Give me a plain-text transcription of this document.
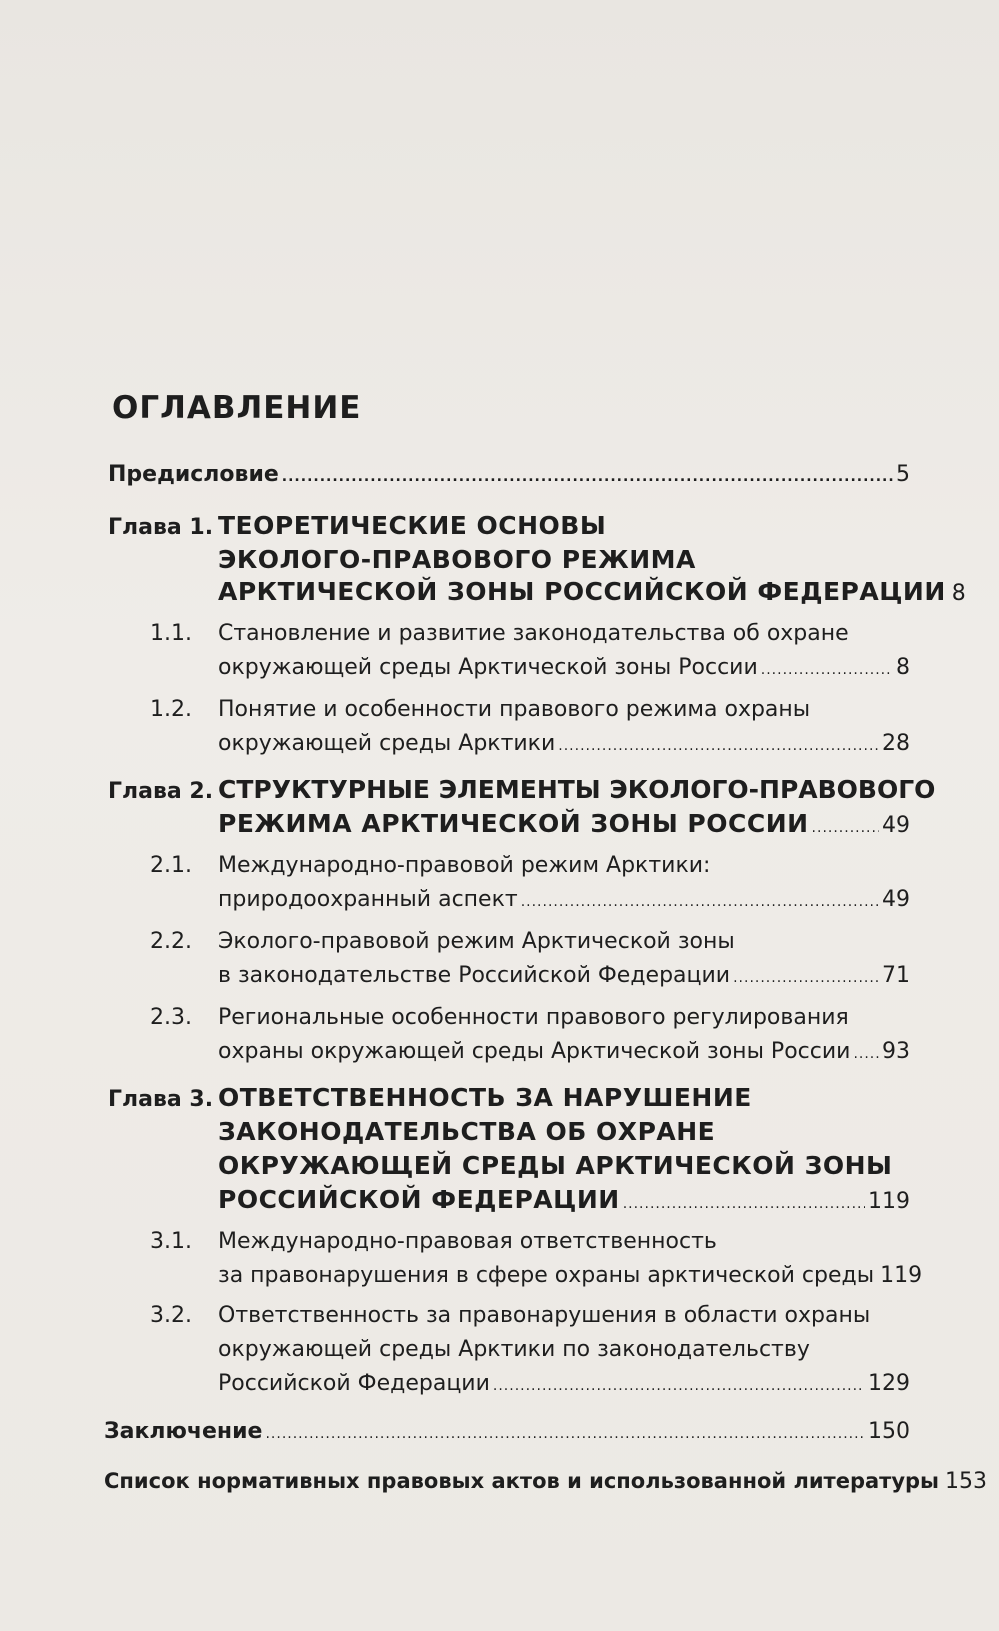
ОГЛАВЛЕНИЕ
Предисловие .....	5
Глава 1. ТЕОРЕТИЧЕСКИЕ ОСНОВЫ
ЭКОЛОГО-ПРАВОВОГО РЕЖИМА
АРКТИЧЕСКОЙ ЗОНЫ РОССИЙСКОЙ ФЕДЕРАЦИИ 8
1.1. Становление и развитие законодательства об охране
окружающей среды Арктической зоны России .....	8
1.2. Понятие и особенности правового режима охраны
окружающей среды Арктики .....	28
Глава 2. СТРУКТУРНЫЕ ЭЛЕМЕНТЫ ЭКОЛОГО-ПРАВОВОГО
РЕЖИМА АРКТИЧЕСКОЙ ЗОНЫ РОССИИ .....	49
2.1. Международно-правовой режим Арктики:
природоохранный аспект .....	49
2.2. Эколого-правовой режим Арктической зоны
в законодательстве Российской Федерации .....	71
2.3. Региональные особенности правового регулирования
охраны окружающей среды Арктической зоны России ..... 93
Глава 3. ОТВЕТСТВЕННОСТЬ ЗА НАРУШЕНИЕ
ЗАКОНОДАТЕЛЬСТВА ОБ ОХРАНЕ
ОКРУЖАЮЩЕЙ СРЕДЫ АРКТИЧЕСКОЙ ЗОНЫ
РОССИЙСКОЙ ФЕДЕРАЦИИ .....	119
3.1. Международно-правовая ответственность
за правонарушения в сфере охраны арктической среды 119
3.2. Ответственность за правонарушения в области охраны
окружающей среды Арктики по законодательству
Российской Федерации .....	129
Заключение .....	150
Список нормативных правовых актов и использованной литературы 153
